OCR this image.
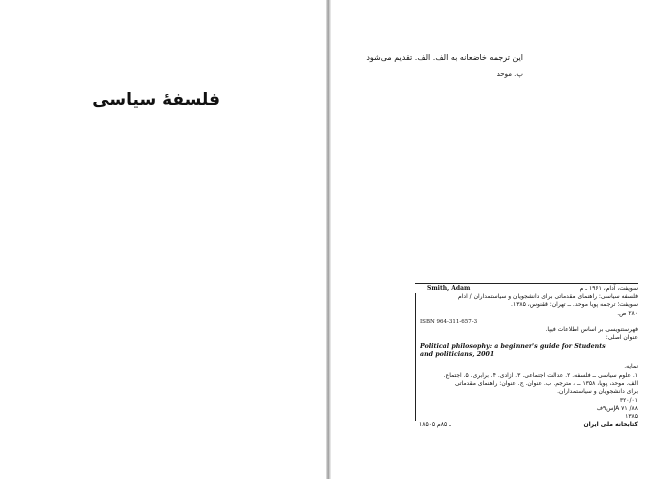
فلسفهٔ سیاسی
این ترجمه خاضعانه به الف. الف. تقدیم می‌شود
پ. موحد
Smith, Adam	سویفت، آدام، ۱۹۶۱ ـ م
فلسفه سیاسی: راهنمای مقدماتی برای دانشجویان و سیاستمداران / آدام
سویفت؛ ترجمه پویا موحد. ــ تهران: ققنوس، ۱۳۸۵.
۲۸۰ ص.
ISBN 964-311-657-3
فهرستنویسی بر اساس اطلاعات فیپا.
عنوان اصلی:
Political philosophy: a beginner's guide for Students
and politicians, 2001
نمایه.
۱. علوم سیاسی ــ فلسفه. ۲. عدالت اجتماعی. ۳. آزادی. ۴. برابری. ۵. اجتماع.
الف. موحد، پویا، ۱۳۵۸ ــ ، مترجم. ب. عنوان. ج. عنوان: راهنمای مقدماتی
برای دانشجویان و سیاستمداران.
۳۲۰/۰۱
JA ۷۱ /۸۸س۹ف
۱۳۸۵
۱۸۵۰۵ ـ ۸۵م	کتابخانه ملی ایران
